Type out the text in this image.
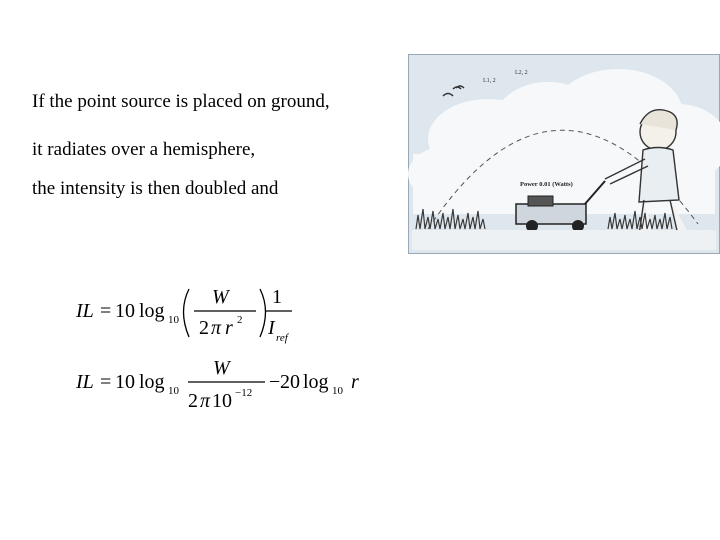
If the point source is placed on ground,
it radiates over a hemisphere,
the intensity is then doubled and
L1, 2
L2, 2
Power 0.01 (Watts)
IL = 10 log 10
W
2 π r 2
1
I ref
IL = 10 log 10
W
2 π 10 −12 − 20 log 10 r
